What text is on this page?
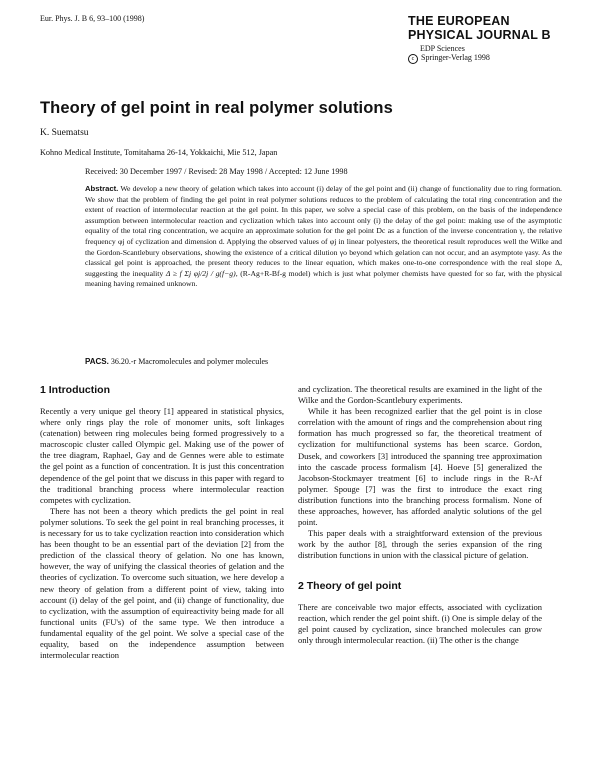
Eur. Phys. J. B 6, 93–100 (1998)	THE EUROPEAN
PHYSICAL JOURNAL B
EDP Sciences
c Springer-Verlag 1998
Theory of gel point in real polymer solutions
K. Suematsu
Kohno Medical Institute, Tomitahama 26-14, Yokkaichi, Mie 512, Japan
Received: 30 December 1997 / Revised: 28 May 1998 / Accepted: 12 June 1998
Abstract. We develop a new theory of gelation which takes into account (i) delay of the gel point and (ii) change of functionality due to ring formation. We show that the problem of finding the gel point in real polymer solutions reduces to the problem of calculating the total ring concentration and the extent of reaction of intermolecular reaction at the gel point. In this paper, we solve a special case of this problem, on the basis of the independence assumption between intermolecular reaction and cyclization which takes into account only (i) the delay of the gel point: making use of the asymptotic equality of the total ring concentration, we acquire an approximate solution for the gel point Dc as a function of the inverse concentration γ, the relative frequency φj of cyclization and dimension d. Applying the observed values of φj in linear polyesters, the theoretical result reproduces well the Wilke and the Gordon-Scantlebury observations, showing the existence of a critical dilution γo beyond which gelation can not occur, and an asymptote γasy. As the classical gel point is approached, the present theory reduces to the linear equation, which makes one-to-one correspondence with the real slope Δ, suggesting the inequality Δ ≥ f Σj φj/2j / g(f−g), (R-Ag+R-Bf-g model) which is just what polymer chemists have quested for so far, with the physical meaning having remained unknown.
PACS. 36.20.-r Macromolecules and polymer molecules
1 Introduction

Recently a very unique gel theory [1] appeared in statistical physics, where only rings play the role of monomer units, soft linkages (catenation) between ring molecules being formed progressively to a macroscopic cluster called Olympic gel. Making use of the power of the tree diagram, Raphael, Gay and de Gennes were able to estimate the gel point as a function of concentration. It is just this concentration dependence of the gel point that we discuss in this paper with regard to the traditional branching process where intermolecular reaction competes with cyclization.

There has not been a theory which predicts the gel point in real polymer solutions. To seek the gel point in real branching processes, it is necessary for us to take cyclization reaction into consideration which has been thought to be an essential part of the deviation [2] from the prediction of the classical theory of gelation. No one has known, however, the way of unifying the classical theories of gelation and the theories of cyclization. To overcome such situation, we here develop a new theory of gelation from a different point of view, taking into account (i) delay of the gel point, and (ii) change of functionality, due to cyclization, with the assumption of equireactivity being made for all functional units (FU's) of the same type. We then introduce a fundamental equality of the gel point. We solve a special case of the equality, based on the independence assumption between intermolecular reaction

and cyclization. The theoretical results are examined in the light of the Wilke and the Gordon-Scantlebury experiments.

While it has been recognized earlier that the gel point is in close correlation with the amount of rings and the comprehension about ring formation has much progressed so far, the theoretical treatment of cyclization for multifunctional systems has been scarce. Gordon, Dusek, and coworkers [3] introduced the spanning tree approximation into the cascade process formalism [4]. Hoeve [5] generalized the Jacobson-Stockmayer treatment [6] to include rings in the R-Af polymer. Spouge [7] was the first to introduce the exact ring distribution functions into the branching process formalism. None of these approaches, however, has afforded analytic solutions of the gel point.

This paper deals with a straightforward extension of the previous work by the author [8], through the series expansion of the ring distribution functions in union with the classical picture of gelation.

2 Theory of gel point

There are conceivable two major effects, associated with cyclization reaction, which render the gel point shift. (i) One is simple delay of the gel point caused by cyclization, since branched molecules can grow only through intermolecular reaction. (ii) The other is the change
